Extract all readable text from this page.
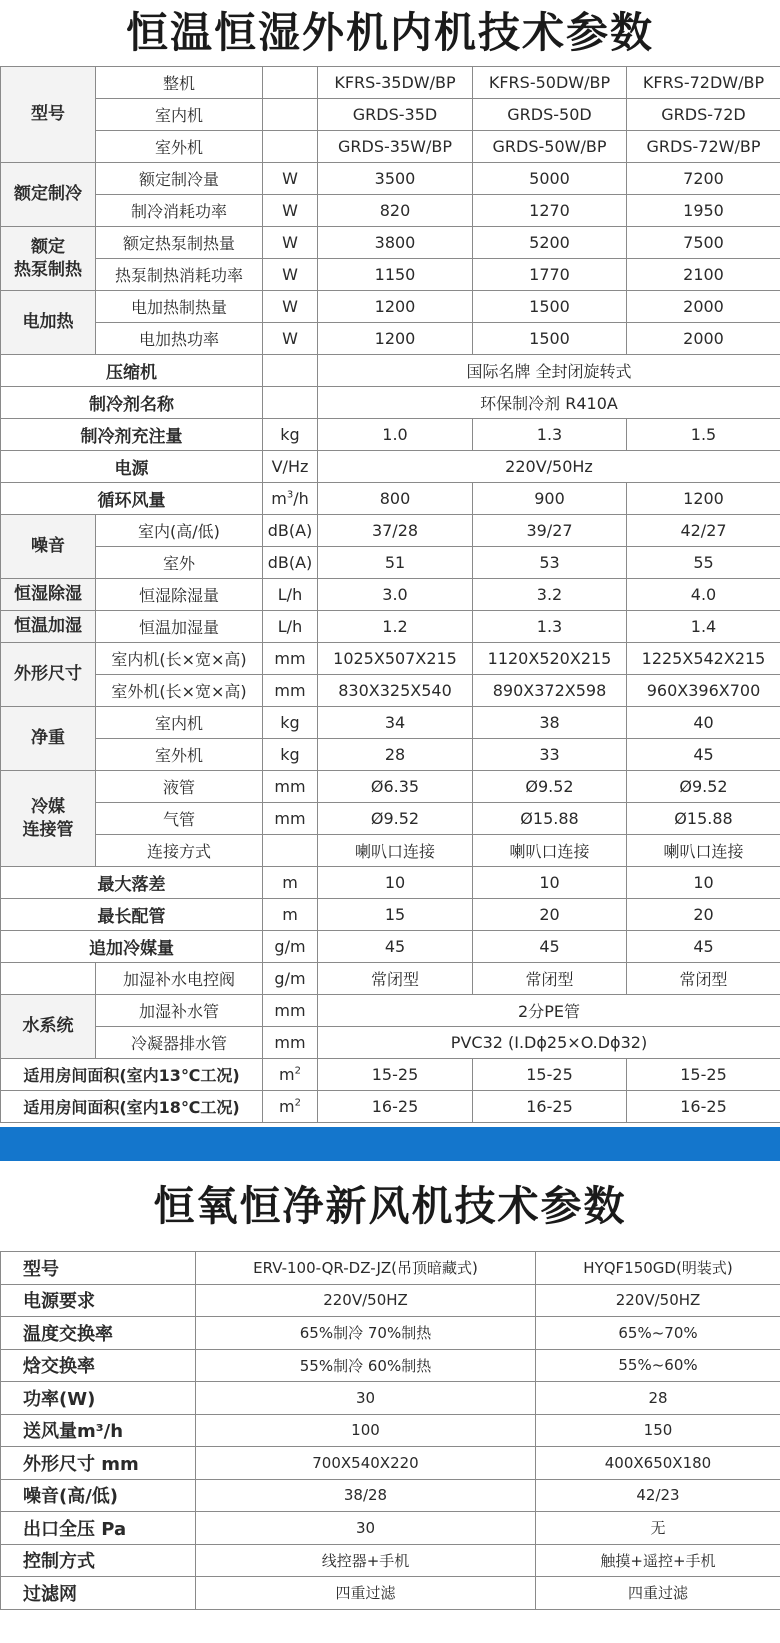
恒温恒湿外机内机技术参数
型号	整机		KFRS-35DW/BP	KFRS-50DW/BP	KFRS-72DW/BP
	室内机		GRDS-35D	GRDS-50D	GRDS-72D
	室外机		GRDS-35W/BP	GRDS-50W/BP	GRDS-72W/BP
额定制冷	额定制冷量	W	3500	5000	7200
	制冷消耗功率	W	820	1270	1950

额定
热泵制热	额定热泵制热量	W	3800	5200	7500
	热泵制热消耗功率	W	1150	1770	2100
电加热	电加热制热量	W	1200	1500	2000
	电加热功率	W	1200	1500	2000
压缩机			国际名牌 全封闭旋转式		
制冷剂名称			环保制冷剂 R410A		
制冷剂充注量		kg	1.0	1.3	1.5
电源		V/Hz	220V/50Hz		
循环风量		$m^3/h$	800	900	1200
噪音	室内(高/低)	dB(A)	37/28	39/27	42/27
	室外	dB(A)	51	53	55
恒湿除湿	恒湿除湿量	L/h	3.0	3.2	4.0
恒温加湿	恒温加湿量	L/h	1.2	1.3	1.4
外形尺寸	室内机(长×宽×高)	mm	1025X507X215	1120X520X215	1225X542X215
	室外机(长×宽×高)	mm	830X325X540	890X372X598	960X396X700
净重	室内机	kg	34	38	40
	室外机	kg	28	33	45

冷媒
连接管	液管	mm	Ø6.35	Ø9.52	Ø9.52
	气管	mm	Ø9.52	Ø15.88	Ø15.88
	连接方式		喇叭口连接	喇叭口连接	喇叭口连接
最大落差		m	10	10	10
最长配管		m	15	20	20
追加冷媒量		g/m	45	45	45
	加湿补水电控阀	g/m	常闭型	常闭型	常闭型
水系统	加湿补水管	mm	2分PE管		
	冷凝器排水管	mm	PVC32 (I.Dϕ25×O.Dϕ32)		
适用房间面积(室内13℃工况)		$m^2$	15-25	15-25	15-25
适用房间面积(室内18℃工况)		$m^2$	16-25	16-25	16-25
恒氧恒净新风机技术参数
型号	ERV-100-QR-DZ-JZ(吊顶暗藏式)	HYQF150GD(明装式)
电源要求	220V/50HZ	220V/50HZ
温度交换率	65%制冷 70%制热	65%~70%
焓交换率	55%制冷 60%制热	55%~60%
功率(W)	30	28
送风量m³/h	100	150
外形尺寸 mm	700X540X220	400X650X180
噪音(高/低)	38/28	42/23
出口全压 Pa	30	无
控制方式	线控器+手机	触摸+遥控+手机
过滤网	四重过滤	四重过滤
